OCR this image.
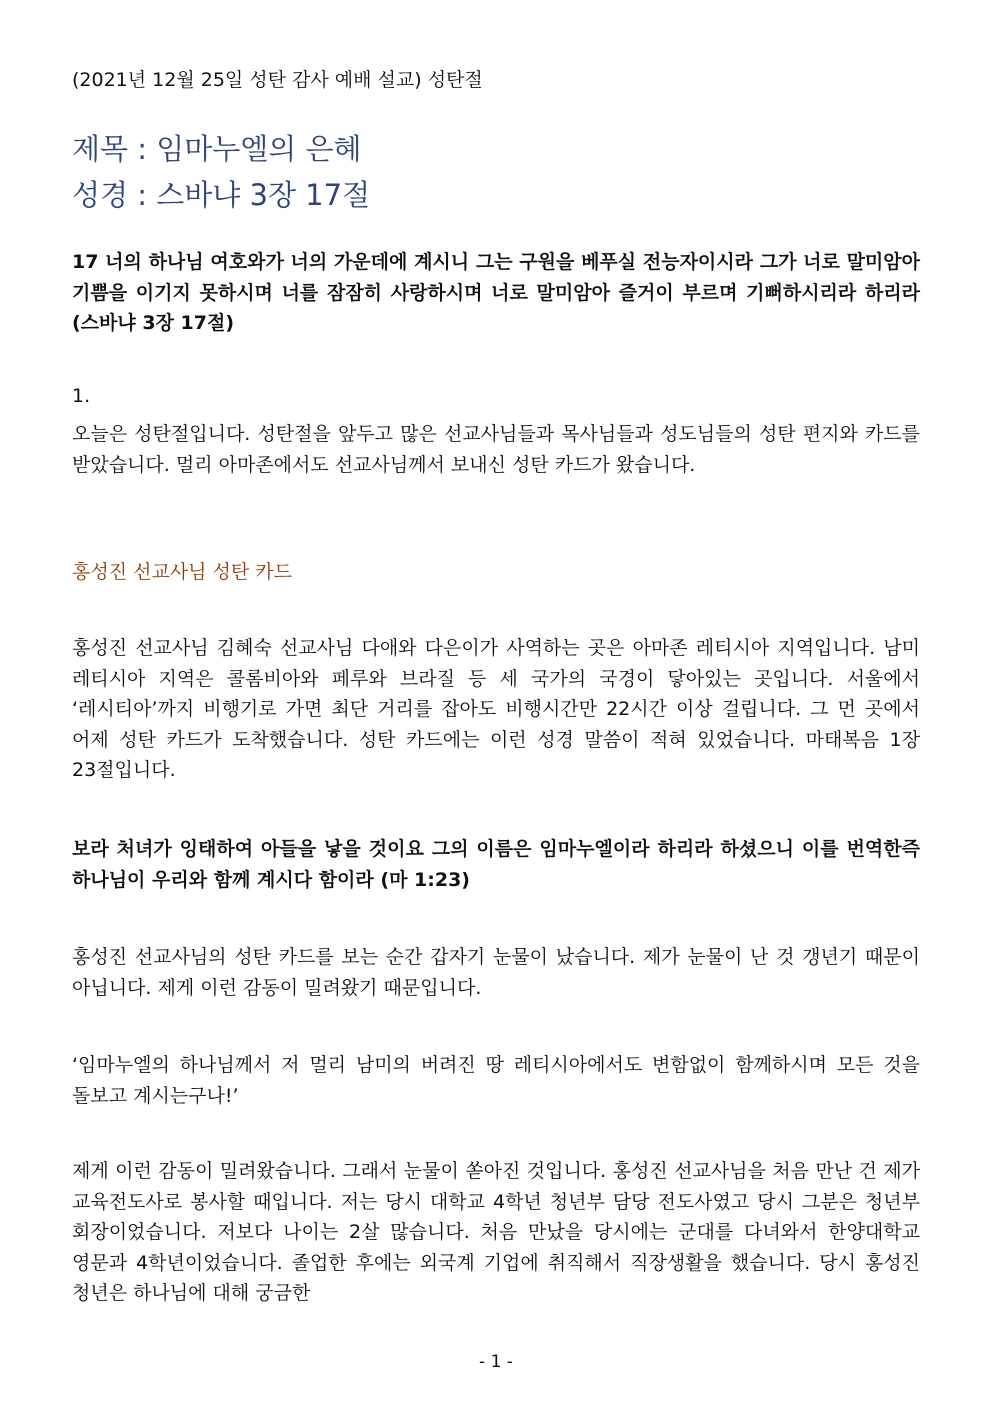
(2021년 12월 25일 성탄 감사 예배 설교) 성탄절
제목 : 임마누엘의 은혜
성경 : 스바냐 3장 17절
17 너의 하나님 여호와가 너의 가운데에 계시니 그는 구원을 베푸실 전능자이시라 그가 너로 말미암아 기쁨을 이기지 못하시며 너를 잠잠히 사랑하시며 너로 말미암아 즐거이 부르며 기뻐하시리라 하리라 (스바냐 3장 17절)
1.
오늘은 성탄절입니다. 성탄절을 앞두고 많은 선교사님들과 목사님들과 성도님들의 성탄 편지와 카드를 받았습니다. 멀리 아마존에서도 선교사님께서 보내신 성탄 카드가 왔습니다.
홍성진 선교사님 성탄 카드
홍성진 선교사님 김혜숙 선교사님 다애와 다은이가 사역하는 곳은 아마존 레티시아 지역입니다. 남미 레티시아 지역은 콜롬비아와 페루와 브라질 등 세 국가의 국경이 닿아있는 곳입니다. 서울에서 ‘레시티아’까지 비행기로 가면 최단 거리를 잡아도 비행시간만 22시간 이상 걸립니다. 그 먼 곳에서 어제 성탄 카드가 도착했습니다. 성탄 카드에는 이런 성경 말씀이 적혀 있었습니다. 마태복음 1장 23절입니다.
보라 처녀가 잉태하여 아들을 낳을 것이요 그의 이름은 임마누엘이라 하리라 하셨으니 이를 번역한즉 하나님이 우리와 함께 계시다 함이라 (마 1:23)
홍성진 선교사님의 성탄 카드를 보는 순간 갑자기 눈물이 났습니다. 제가 눈물이 난 것 갱년기 때문이 아닙니다. 제게 이런 감동이 밀려왔기 때문입니다.
‘임마누엘의 하나님께서 저 멀리 남미의 버려진 땅 레티시아에서도 변함없이 함께하시며 모든 것을 돌보고 계시는구나!’
제게 이런 감동이 밀려왔습니다. 그래서 눈물이 쏟아진 것입니다. 홍성진 선교사님을 처음 만난 건 제가 교육전도사로 봉사할 때입니다. 저는 당시 대학교 4학년 청년부 담당 전도사였고 당시 그분은 청년부 회장이었습니다. 저보다 나이는 2살 많습니다. 처음 만났을 당시에는 군대를 다녀와서 한양대학교 영문과 4학년이었습니다. 졸업한 후에는 외국계 기업에 취직해서 직장생활을 했습니다. 당시 홍성진 청년은 하나님에 대해 궁금한
- 1 -
